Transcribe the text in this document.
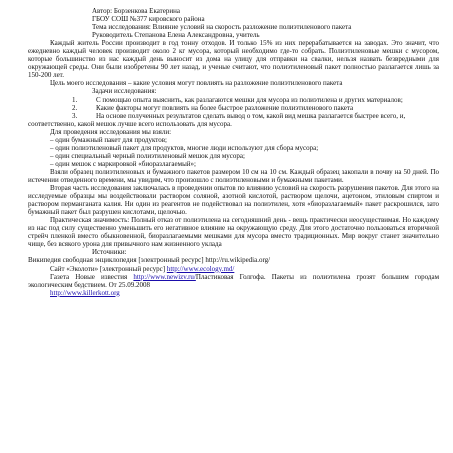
Автор: Борзенкова Екатерина

ГБОУ СОШ №377 кировского района

Тема исследования: Влияние условий на скорость разложение полиэтиленового пакета

Руководитель Степанова Елена Александровна, учитель

Каждый житель России производит в год тонну отходов. И только 15% из них перерабатывается на заводах. Это значит, что ежедневно каждый человек производит около 2 кг мусора, который необходимо где-то собрать. Полиэтиленовые мешки с мусором, которые большинство из нас каждый день выносит из дома на улицу для отправки на свалки, нельзя назвать безвредными для окружающей среды. Они были изобретены 90 лет назад, и ученые считают, что полиэтиленовый пакет полностью разлагается лишь за 150-200 лет.

Цель моего исследования – какие условия могут повлиять на разложение полиэтиленового пакета

Задачи исследования:

1.	С помощью опыта выяснить, как разлагаются мешки для мусора из полиэтилена и других материалов;

2.	Какие факторы могут повлиять на более быстрое разложение полиэтиленового пакета

3.	На основе полученных результатов сделать вывод о том, какой вид мешка разлагается быстрее всего, и, соответственно, какой мешок лучше всего использовать для мусора.

Для проведения исследования мы взяли:

– один бумажный пакет для продуктов;

– один полиэтиленовый пакет для продуктов, многие люди используют для сбора мусора;

– один специальный черный полиэтиленовый мешок для мусора;

– один мешок с маркировкой «биоразлагаемый»;

Взяли образец полиэтиленовых и бумажного пакетов размером 10 см на 10 см. Каждый образец закопали в почву на 50 дней. По истечении отведенного времени, мы увидим, что произошло с полиэтиленовыми и бумажными пакетами.

Вторая часть исследования заключалась в проведении опытов по влиянию условий на скорость разрушения пакетов. Для этого на исследуемые образцы мы воздействовали раствором соляной, азотной кислотой, раствором щелочи, ацетоном, этиловым спиртом и раствором перманганата калия. Ни один из реагентов не подействовал на полиэтилен, хотя «биоразлагаемый» пакет раскрошился, зато бумажный пакет был разрушен кислотами, щелочью.

Практическая значимость: Полный отказ от полиэтилена на сегодняшний день - вещь практически неосуществимая. Но каждому из нас под силу существенно уменьшить его негативное влияние на окружающую среду. Для этого достаточно пользоваться вторичной стрейч пленкой вместо обыкновенной, биоразлагаемыми мешками для мусора вместо традиционных. Мир вокруг станет значительно чище, без всякого урона для привычного нам жизненного уклада

Источники:

Википедия свободная энциклопедия [электронный ресурс] http://ru.wikipedia.org/

Сайт «Эколоти» [электронный ресурс] http://www.ecology.md/

Газета Новые известия http://www.newizv.ru/Пластиковая Голгофа. Пакеты из полиэтилена грозят большим городам экологическим бедствием. От 25.09.2008

http://www.killerkott.org
